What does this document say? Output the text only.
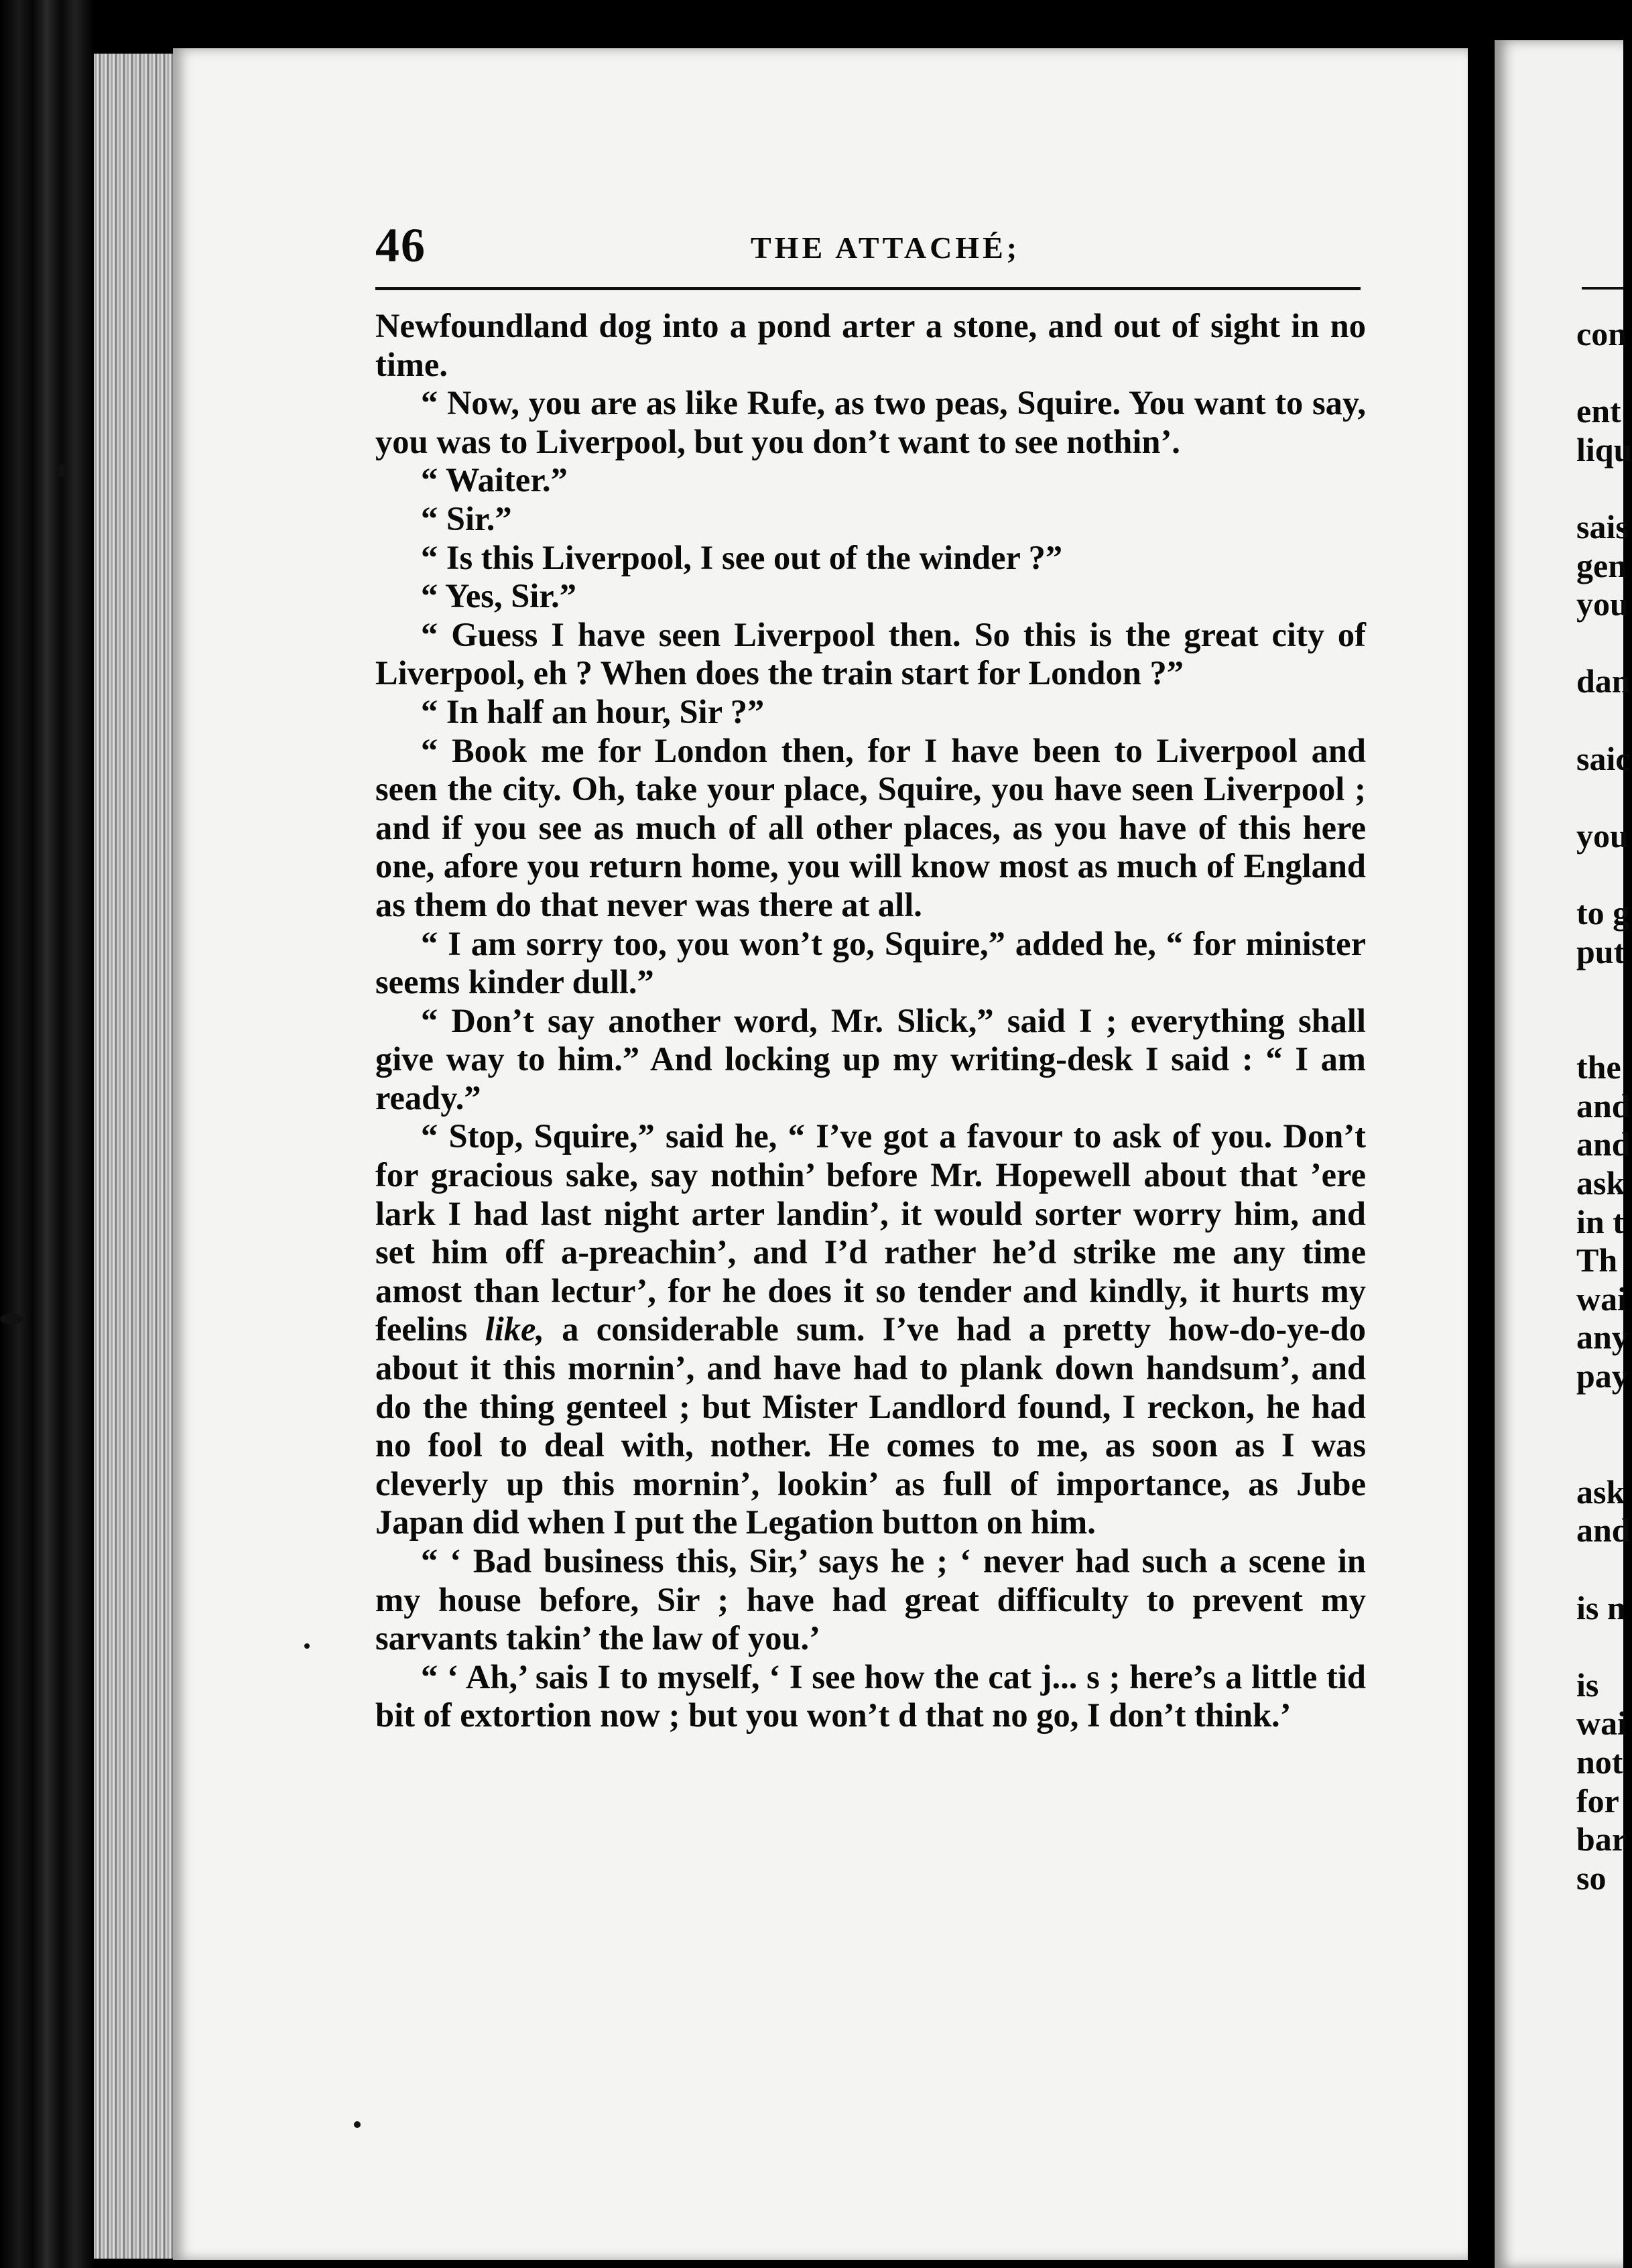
46	THE ATTACHÉ;

Newfoundland dog into a pond arter a stone, and out of sight in no time.

“ Now, you are as like Rufe, as two peas, Squire. You want to say, you was to Liverpool, but you don’t want to see nothin’.

“ Waiter.”

“ Sir.”

“ Is this Liverpool, I see out of the winder ?”

“ Yes, Sir.”

“ Guess I have seen Liverpool then. So this is the great city of Liverpool, eh ? When does the train start for London ?”

“ In half an hour, Sir ?”

“ Book me for London then, for I have been to Liverpool and seen the city. Oh, take your place, Squire, you have seen Liverpool ; and if you see as much of all other places, as you have of this here one, afore you return home, you will know most as much of England as them do that never was there at all.

“ I am sorry too, you won’t go, Squire,” added he, “ for minister seems kinder dull.”

“ Don’t say another word, Mr. Slick,” said I ; everything shall give way to him.” And locking up my writing-desk I said : “ I am ready.”

“ Stop, Squire,” said he, “ I’ve got a favour to ask of you. Don’t for gracious sake, say nothin’ before Mr. Hopewell about that ’ere lark I had last night arter landin’, it would sorter worry him, and set him off a-preachin’, and I’d rather he’d strike me any time amost than lectur’, for he does it so tender and kindly, it hurts my feelins like, a considerable sum. I’ve had a pretty how-do-ye-do about it this mornin’, and have had to plank down handsum’, and do the thing genteel ; but Mister Landlord found, I reckon, he had no fool to deal with, nother. He comes to me, as soon as I was cleverly up this mornin’, lookin’ as full of importance, as Jube Japan did when I put the Legation button on him.

“ ‘ Bad business this, Sir,’ says he ; ‘ never had such a scene in my house before, Sir ; have had great difficulty to prevent my sarvants takin’ the law of you.’

“ ‘ Ah,’ sais I to myself, ‘ I see how the cat j... s ; here’s a little tid bit of extortion now ; but you won’t d that no go, I don’t think.’

con
ent
liqu
sais
gen
you
dan
saic
you
to g
put
the
and
and
ask
in t
Th
wai
any
pay
ask
and
is n
is
wai
not
for
bar
so
